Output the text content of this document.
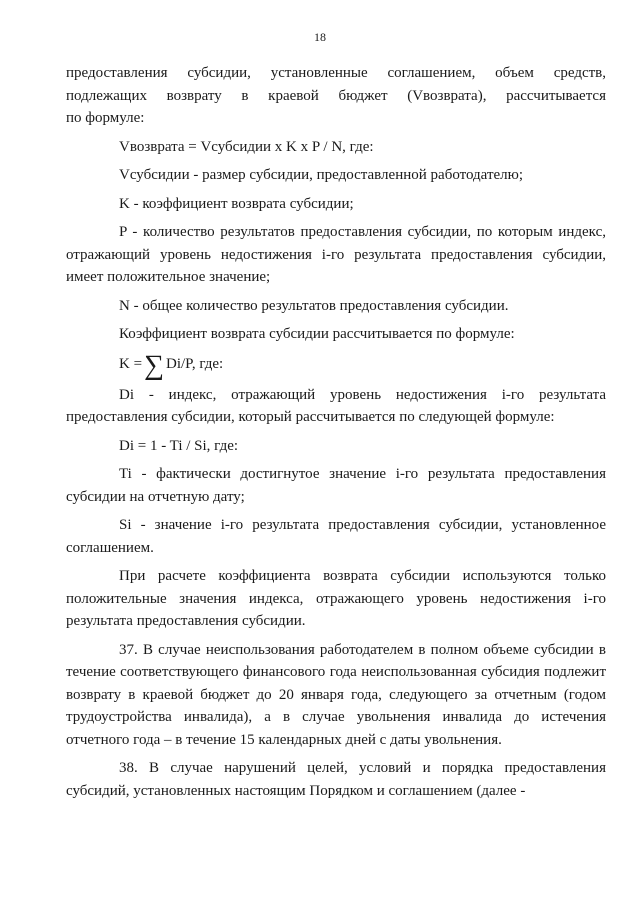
18

предоставления субсидии, установленные соглашением, объем средств,
подлежащих возврату в краевой бюджет (Vвозврата), рассчитывается
по формуле:

Vвозврата = Vсубсидии x K x P / N, где:

Vсубсидии - размер субсидии, предоставленной работодателю;

K - коэффициент возврата субсидии;

P - количество результатов предоставления субсидии, по которым индекс, отражающий уровень недостижения i-го результата предоставления субсидии, имеет положительное значение;

N - общее количество результатов предоставления субсидии.

Коэффициент возврата субсидии рассчитывается по формуле:

K = ∑ Di/P, где:

Di - индекс, отражающий уровень недостижения i-го результата предоставления субсидии, который рассчитывается по следующей формуле:

Di = 1 - Ti / Si, где:

Ti - фактически достигнутое значение i-го результата предоставления субсидии на отчетную дату;

Si - значение i-го результата предоставления субсидии, установленное соглашением.

При расчете коэффициента возврата субсидии используются только положительные значения индекса, отражающего уровень недостижения i-го результата предоставления субсидии.

37. В случае неиспользования работодателем в полном объеме субсидии в течение соответствующего финансового года неиспользованная субсидия подлежит возврату в краевой бюджет до 20 января года, следующего за отчетным (годом трудоустройства инвалида), а в случае увольнения инвалида до истечения отчетного года – в течение 15 календарных дней с даты увольнения.

38. В случае нарушений целей, условий и порядка предоставления субсидий, установленных настоящим Порядком и соглашением (далее -
